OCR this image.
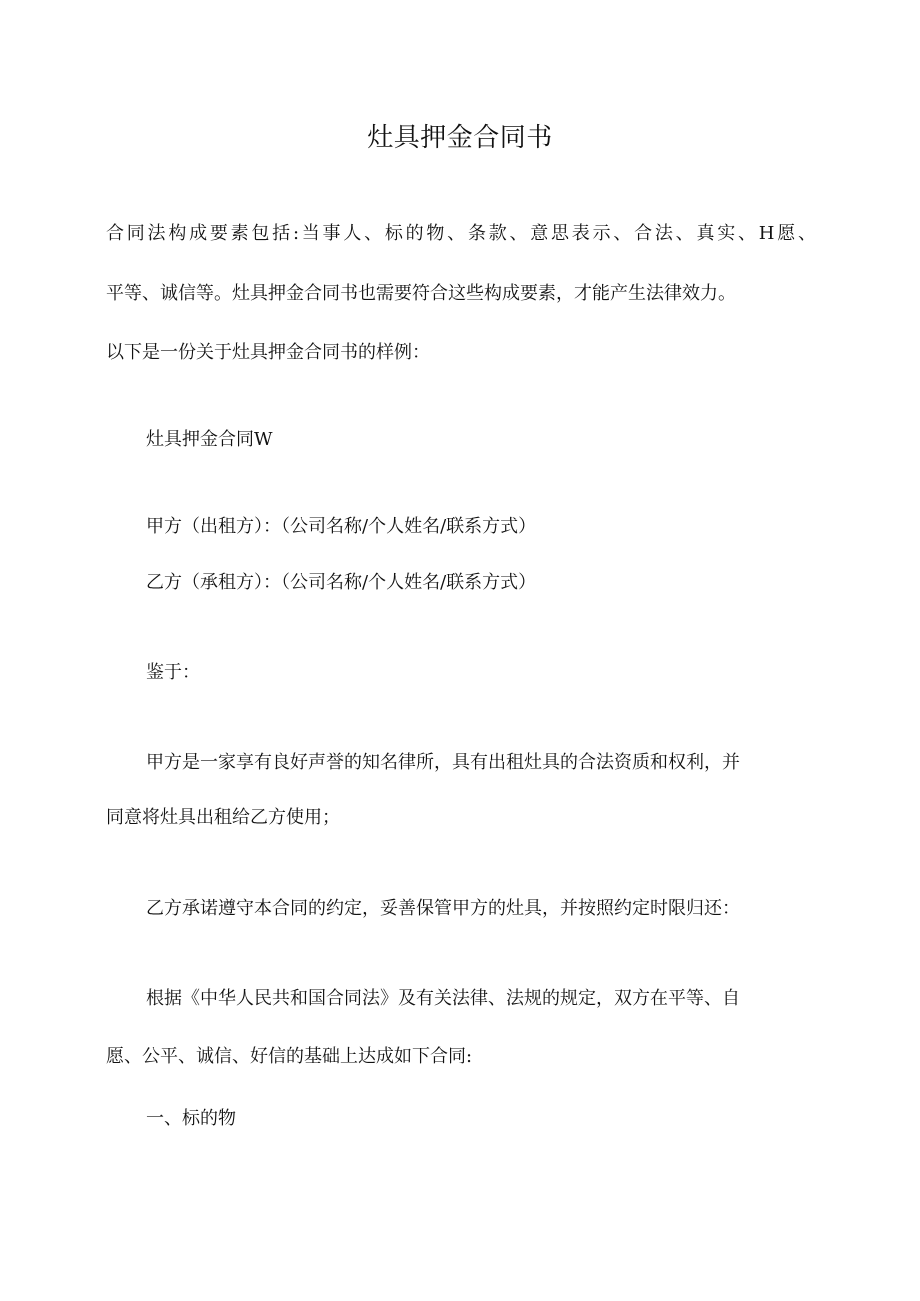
灶具押金合同书

合同法构成要素包括:当事人、标的物、条款、意思表示、合法、真实、H愿、

平等、诚信等。灶具押金合同书也需要符合这些构成要素，才能产生法律效力。

以下是一份关于灶具押金合同书的样例：

灶具押金合同W

甲方（出租方）：（公司名称/个人姓名/联系方式）

乙方（承租方）：（公司名称/个人姓名/联系方式）

鉴于：

甲方是一家享有良好声誉的知名律所，具有出租灶具的合法资质和权利，并

同意将灶具出租给乙方使用；

乙方承诺遵守本合同的约定，妥善保管甲方的灶具，并按照约定时限归还：

根据《中华人民共和国合同法》及有关法律、法规的规定，双方在平等、自

愿、公平、诚信、好信的基础上达成如下合同:

一、标的物
